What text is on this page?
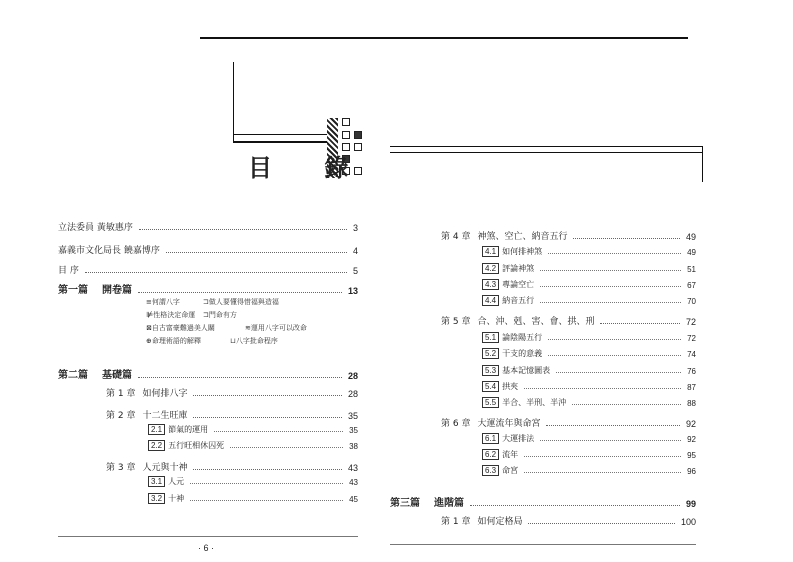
目 錄
立法委員 黃敏惠序	3
嘉義市文化局長 饒嘉博序	4
目 序	5
第一篇 開卷篇	13
≡何謂八字	⊐做人要懂得惜福與造福
⊯性格決定命運 ⊐門命有方
⊠自古富豪難過美人關	≋運用八字可以改命
⊕命理術語的解釋	⊔八字批命程序
第二篇 基礎篇	28
第 1 章 如何排八字	28
第 2 章 十二生旺庫	35
2.1 節氣的運用	35
2.2 五行旺相休囚死	38
第 3 章 人元與十神	43
3.1 人元	43
3.2 十神	45
· 6 ·
第 4 章 神煞、空亡、納音五行	49
4.1 如何排神煞	49
4.2 評論神煞	51
4.3 專論空亡	67
4.4 納音五行	70
第 5 章 合、沖、剋、害、會、拱、刑	72
5.1 論陰陽五行	72
5.2 干支的意義	74
5.3 基本記憶圖表	76
5.4 拱夾	87
5.5 半合、半刑、半沖	88
第 6 章 大運流年與命宮	92
6.1 大運排法	92
6.2 流年	95
6.3 命宮	96
第三篇 進階篇	99
第 1 章 如何定格局	100
